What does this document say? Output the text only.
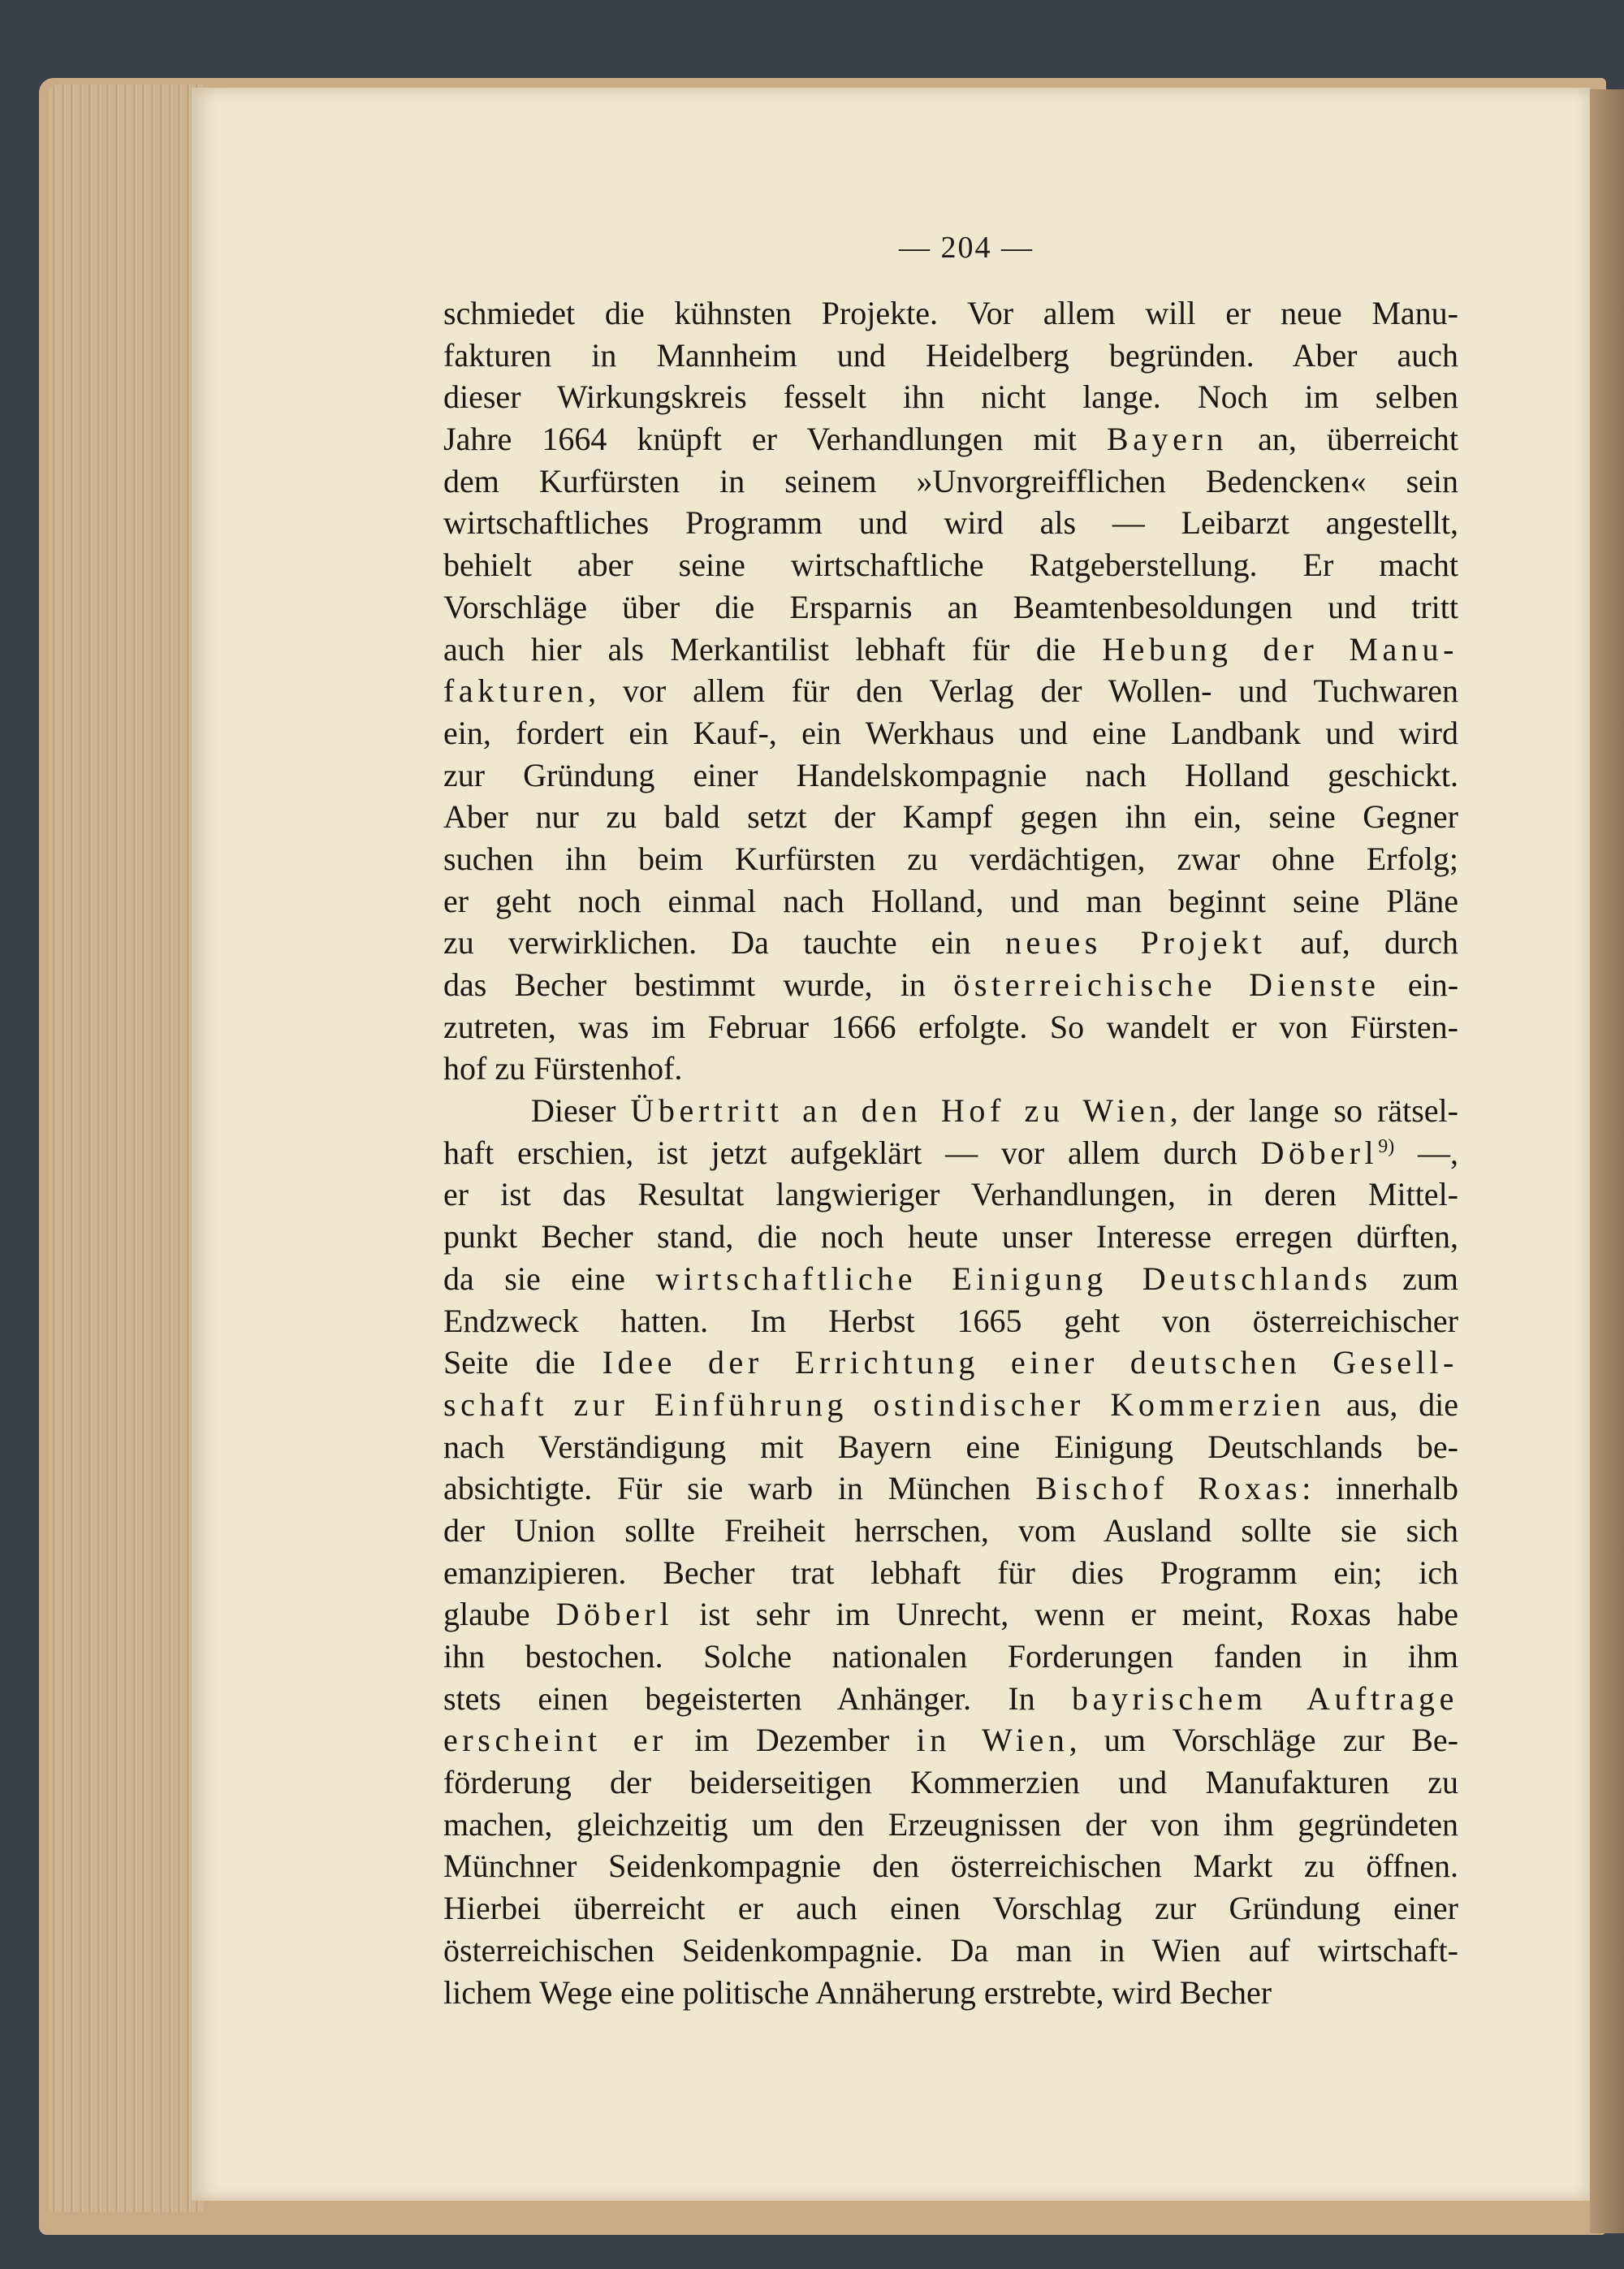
— 204 —
schmiedet die kühnsten Projekte. Vor allem will er neue Manu-
fakturen in Mannheim und Heidelberg begründen. Aber auch
dieser Wirkungskreis fesselt ihn nicht lange. Noch im selben
Jahre 1664 knüpft er Verhandlungen mit Bayern an, überreicht
dem Kurfürsten in seinem »Unvorgreifflichen Bedencken« sein
wirtschaftliches Programm und wird als — Leibarzt angestellt,
behielt aber seine wirtschaftliche Ratgeberstellung. Er macht
Vorschläge über die Ersparnis an Beamtenbesoldungen und tritt
auch hier als Merkantilist lebhaft für die Hebung der Manu-
fakturen, vor allem für den Verlag der Wollen- und Tuchwaren
ein, fordert ein Kauf-, ein Werkhaus und eine Landbank und wird
zur Gründung einer Handelskompagnie nach Holland geschickt.
Aber nur zu bald setzt der Kampf gegen ihn ein, seine Gegner
suchen ihn beim Kurfürsten zu verdächtigen, zwar ohne Erfolg;
er geht noch einmal nach Holland, und man beginnt seine Pläne
zu verwirklichen. Da tauchte ein neues Projekt auf, durch
das Becher bestimmt wurde, in österreichische Dienste ein-
zutreten, was im Februar 1666 erfolgte. So wandelt er von Fürsten-
hof zu Fürstenhof.
Dieser Übertritt an den Hof zu Wien, der lange so rätsel-
haft erschien, ist jetzt aufgeklärt — vor allem durch Döberl$^{9)}$ —,
er ist das Resultat langwieriger Verhandlungen, in deren Mittel-
punkt Becher stand, die noch heute unser Interesse erregen dürften,
da sie eine wirtschaftliche Einigung Deutschlands zum
Endzweck hatten. Im Herbst 1665 geht von österreichischer
Seite die Idee der Errichtung einer deutschen Gesell-
schaft zur Einführung ostindischer Kommerzien aus, die
nach Verständigung mit Bayern eine Einigung Deutschlands be-
absichtigte. Für sie warb in München Bischof Roxas: innerhalb
der Union sollte Freiheit herrschen, vom Ausland sollte sie sich
emanzipieren. Becher trat lebhaft für dies Programm ein; ich
glaube Döberl ist sehr im Unrecht, wenn er meint, Roxas habe
ihn bestochen. Solche nationalen Forderungen fanden in ihm
stets einen begeisterten Anhänger. In bayrischem Auftrage
erscheint er im Dezember in Wien, um Vorschläge zur Be-
förderung der beiderseitigen Kommerzien und Manufakturen zu
machen, gleichzeitig um den Erzeugnissen der von ihm gegründeten
Münchner Seidenkompagnie den österreichischen Markt zu öffnen.
Hierbei überreicht er auch einen Vorschlag zur Gründung einer
österreichischen Seidenkompagnie. Da man in Wien auf wirtschaft-
lichem Wege eine politische Annäherung erstrebte, wird Becher
